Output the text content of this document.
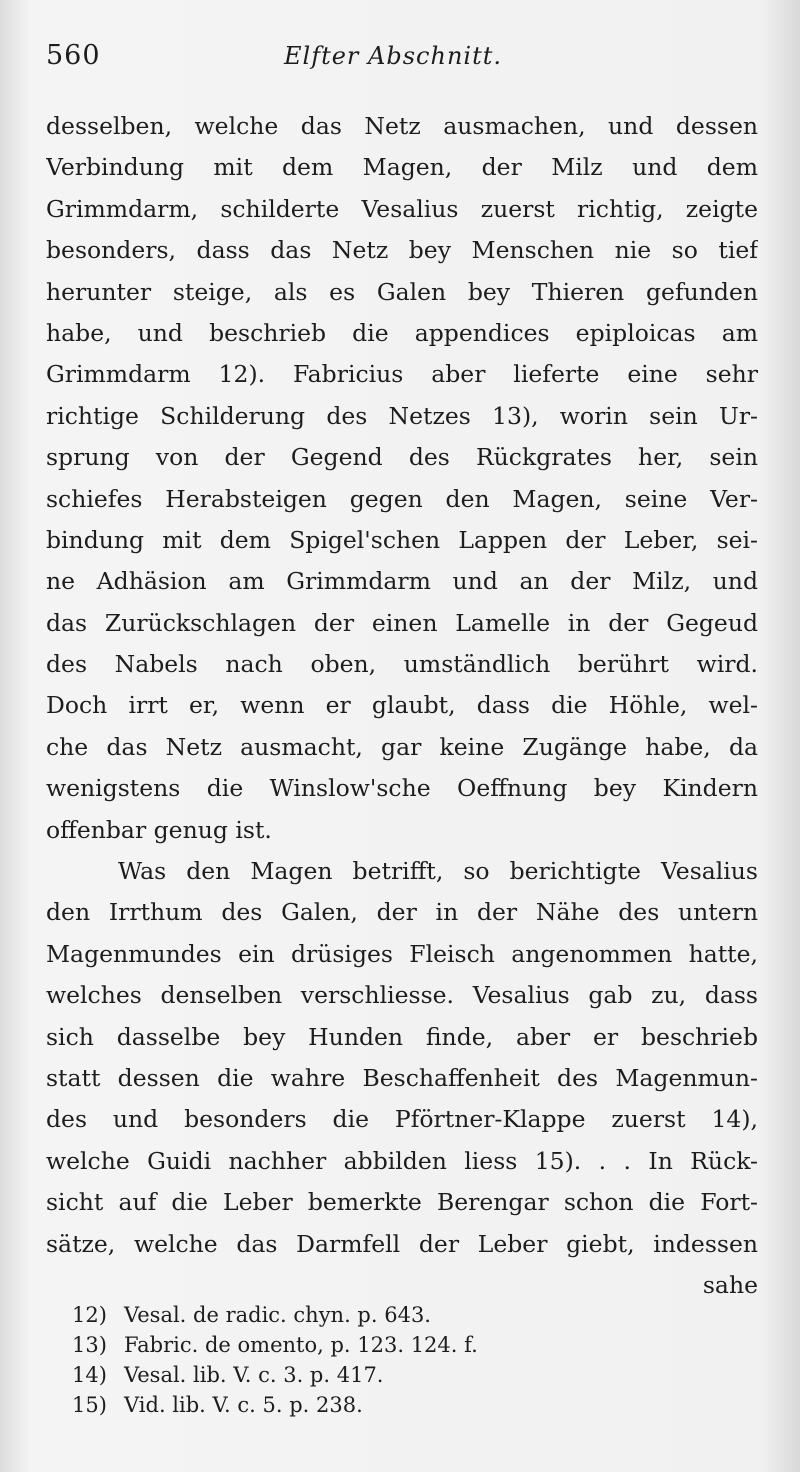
560	Elfter Abschnitt.
desselben, welche das Netz ausmachen, und dessen
Verbindung mit dem Magen, der Milz und dem
Grimmdarm, schilderte Vesalius zuerst richtig, zeigte
besonders, dass das Netz bey Menschen nie so tief
herunter steige, als es Galen bey Thieren gefunden
habe, und beschrieb die appendices epiploicas am
Grimmdarm 12). Fabricius aber lieferte eine sehr
richtige Schilderung des Netzes 13), worin sein Ur-
sprung von der Gegend des Rückgrates her, sein
schiefes Herabsteigen gegen den Magen, seine Ver-
bindung mit dem Spigel'schen Lappen der Leber, sei-
ne Adhäsion am Grimmdarm und an der Milz, und
das Zurückschlagen der einen Lamelle in der Gegeud
des Nabels nach oben, umständlich berührt wird.
Doch irrt er, wenn er glaubt, dass die Höhle, wel-
che das Netz ausmacht, gar keine Zugänge habe, da
wenigstens die Winslow'sche Oeffnung bey Kindern
offenbar genug ist.
Was den Magen betrifft, so berichtigte Vesalius
den Irrthum des Galen, der in der Nähe des untern
Magenmundes ein drüsiges Fleisch angenommen hatte,
welches denselben verschliesse. Vesalius gab zu, dass
sich dasselbe bey Hunden finde, aber er beschrieb
statt dessen die wahre Beschaffenheit des Magenmun-
des und besonders die Pförtner-Klappe zuerst 14),
welche Guidi nachher abbilden liess 15). . . In Rück-
sicht auf die Leber bemerkte Berengar schon die Fort-
sätze, welche das Darmfell der Leber giebt, indessen
sahe
12) Vesal. de radic. chyn. p. 643.
13) Fabric. de omento, p. 123. 124. f.
14) Vesal. lib. V. c. 3. p. 417.
15) Vid. lib. V. c. 5. p. 238.
